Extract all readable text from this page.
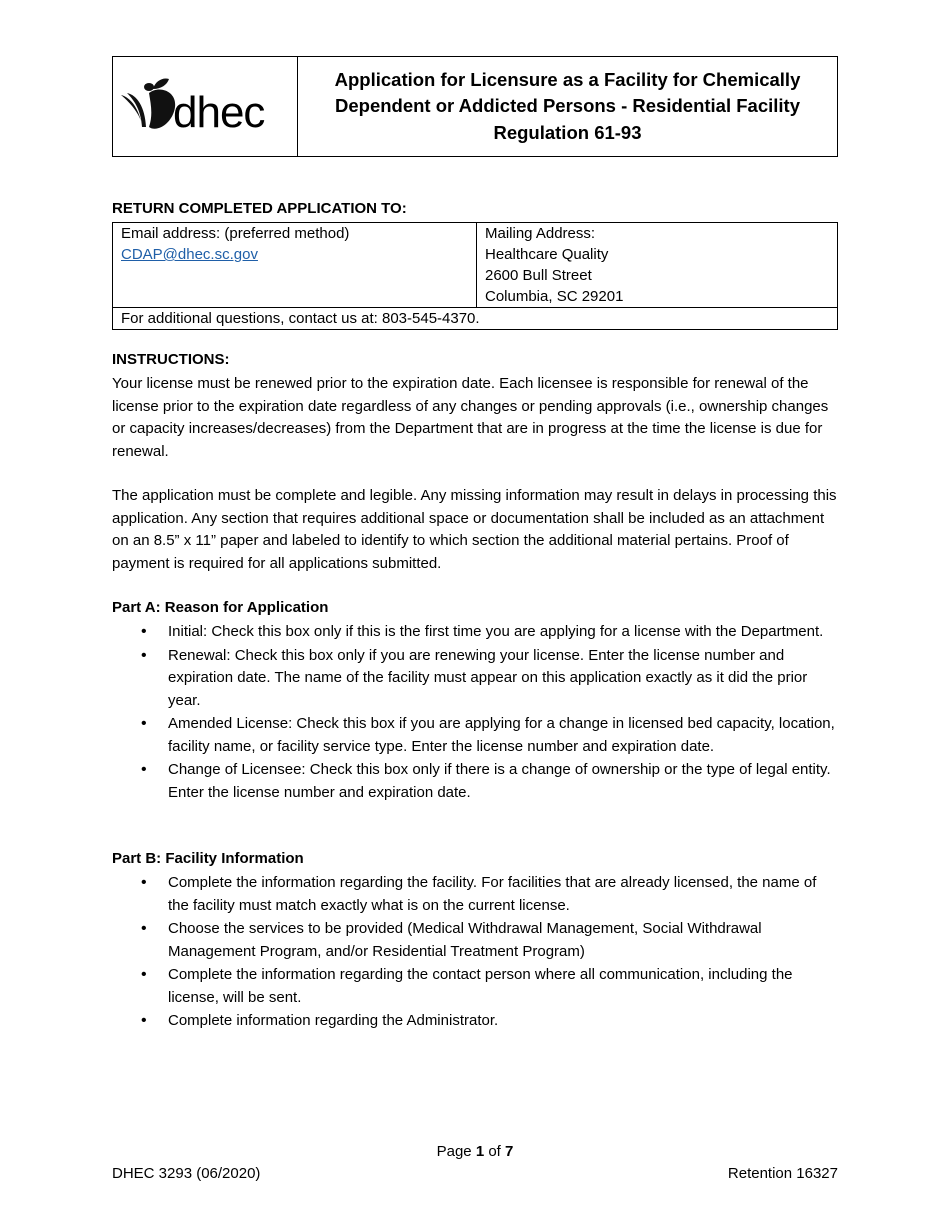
dhec
Application for Licensure as a Facility for Chemically
Dependent or Addicted Persons - Residential Facility
Regulation 61-93
RETURN COMPLETED APPLICATION TO:
Email address: (preferred method)
CDAP@dhec.sc.gov	
Mailing Address:
Healthcare Quality
2600 Bull Street
Columbia, SC 29201

For additional questions, contact us at: 803-545-4370.
INSTRUCTIONS:
Your license must be renewed prior to the expiration date. Each licensee is responsible for renewal of the license prior to the expiration date regardless of any changes or pending approvals (i.e., ownership changes or capacity increases/decreases) from the Department that are in progress at the time the license is due for renewal.
The application must be complete and legible. Any missing information may result in delays in processing this application. Any section that requires additional space or documentation shall be included as an attachment on an 8.5” x 11” paper and labeled to identify to which section the additional material pertains. Proof of payment is required for all applications submitted.
Part A: Reason for Application
• Initial: Check this box only if this is the first time you are applying for a license with the Department.
• Renewal: Check this box only if you are renewing your license. Enter the license number and expiration date. The name of the facility must appear on this application exactly as it did the prior year.
• Amended License: Check this box if you are applying for a change in licensed bed capacity, location, facility name, or facility service type. Enter the license number and expiration date.
• Change of Licensee: Check this box only if there is a change of ownership or the type of legal entity. Enter the license number and expiration date.
Part B: Facility Information
• Complete the information regarding the facility. For facilities that are already licensed, the name of the facility must match exactly what is on the current license.
• Choose the services to be provided (Medical Withdrawal Management, Social Withdrawal Management Program, and/or Residential Treatment Program)
• Complete the information regarding the contact person where all communication, including the license, will be sent.
• Complete information regarding the Administrator.
Page 1 of 7
DHEC 3293 (06/2020)	Retention 16327
